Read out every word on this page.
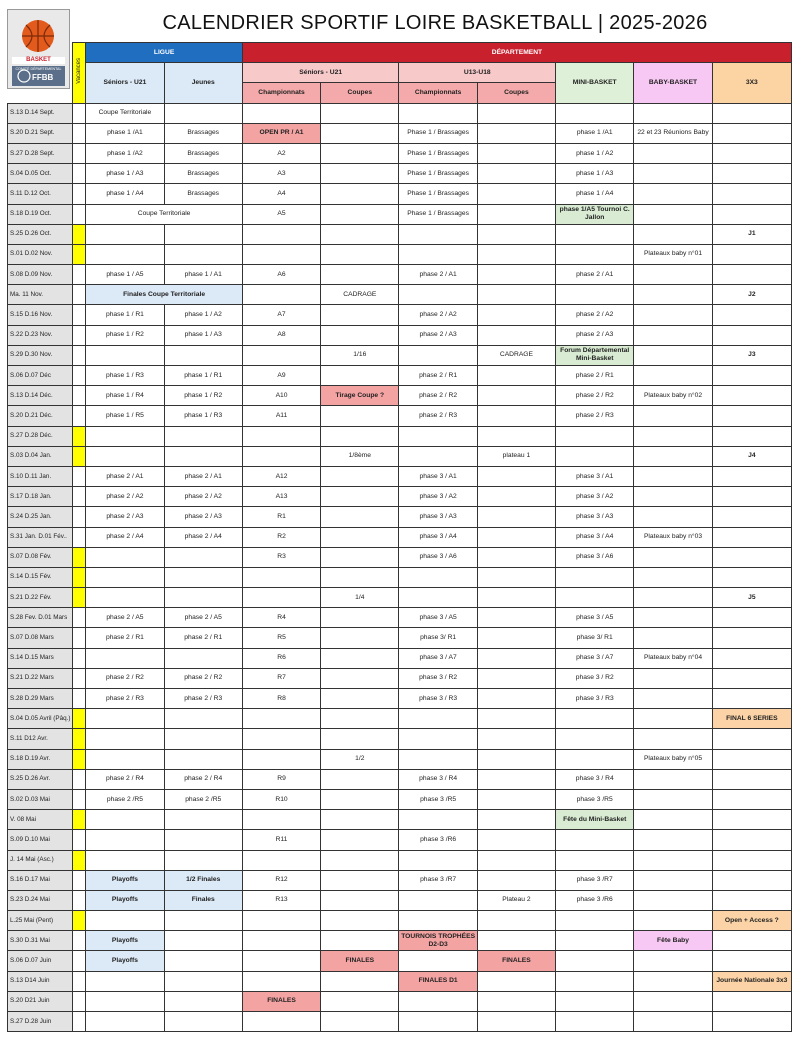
BASKET
COMITÉ DÉPARTEMENTAL
FFBB
CALENDRIER SPORTIF LOIRE BASKETBALL | 2025-2026
	Vacances	LIGUE		DÉPARTEMENT						
		Séniors - U21	Jeunes	Séniors - U21		U13-U18		MINI-BASKET	BABY-BASKET	3X3
				Championnats	Coupes	Championnats	Coupes			
S.13 D.14 Sept.		Coupe Territoriale								
S.20 D.21 Sept.		phase 1 /A1	Brassages	OPEN PR / A1		Phase 1 / Brassages		phase 1 /A1	22 et 23 Réunions Baby	
S.27 D.28 Sept.		phase 1 /A2	Brassages	A2		Phase 1 / Brassages		phase 1 / A2		
S.04 D.05 Oct.		phase 1 / A3	Brassages	A3		Phase 1 / Brassages		phase 1 / A3		
S.11 D.12 Oct.		phase 1 / A4	Brassages	A4		Phase 1 / Brassages		phase 1 / A4		
S.18 D.19 Oct.		Coupe Territoriale		A5		Phase 1 / Brassages		phase 1/A5 Tournoi C. Jallon		
S.25 D.26 Oct.										J1
S.01 D.02 Nov.									Plateaux baby n°01	
S.08 D.09 Nov.		phase 1 / A5	phase 1 / A1	A6		phase 2 / A1		phase 2 / A1		
Ma. 11 Nov.		Finales Coupe Territoriale			CADRAGE					J2
S.15 D.16 Nov.		phase 1 / R1	phase 1 / A2	A7		phase 2 / A2		phase 2 / A2		
S.22 D.23 Nov.		phase 1 / R2	phase 1 / A3	A8		phase 2 / A3		phase 2 / A3		
S.29 D.30 Nov.					1/16		CADRAGE	Forum Départemental Mini-Basket		J3
S.06 D.07 Déc		phase 1 / R3	phase 1 / R1	A9		phase 2 / R1		phase 2 / R1		
S.13 D.14 Déc.		phase 1 / R4	phase 1 / R2	A10	Tirage Coupe ?	phase 2 / R2		phase 2 / R2	Plateaux baby n°02	
S.20 D.21 Déc.		phase 1 / R5	phase 1 / R3	A11		phase 2 / R3		phase 2 / R3		
S.27 D.28 Déc.										
S.03 D.04 Jan.					1/8ème		plateau 1			J4
S.10 D.11 Jan.		phase 2 / A1	phase 2 / A1	A12		phase 3 / A1		phase 3 / A1		
S.17 D.18 Jan.		phase 2 / A2	phase 2 / A2	A13		phase 3 / A2		phase 3 / A2		
S.24 D.25 Jan.		phase 2 / A3	phase 2 / A3	R1		phase 3 / A3		phase 3 / A3		
S.31 Jan. D.01 Fév..		phase 2 / A4	phase 2 / A4	R2		phase 3 / A4		phase 3 / A4	Plateaux baby n°03	
S.07 D.08 Fév.				R3		phase 3 / A6		phase 3 / A6		
S.14 D.15 Fév.										
S.21 D.22 Fév.					1/4					J5
S.28 Fev. D.01 Mars		phase 2 / A5	phase 2 / A5	R4		phase 3 / A5		phase 3 / A5		
S.07 D.08 Mars		phase 2 / R1	phase 2 / R1	R5		phase 3/ R1		phase 3/ R1		
S.14 D.15 Mars				R6		phase 3 / A7		phase 3 / A7	Plateaux baby n°04	
S.21 D.22 Mars		phase 2 / R2	phase 2 / R2	R7		phase 3 / R2		phase 3 / R2		
S.28 D.29 Mars		phase 2 / R3	phase 2 / R3	R8		phase 3 / R3		phase 3 / R3		
S.04 D.05 Avril (Pâq.)										FINAL 6 SERIES
S.11 D12 Avr.										
S.18 D.19 Avr.					1/2				Plateaux baby n°05	
S.25 D.26 Avr.		phase 2 / R4	phase 2 / R4	R9		phase 3 / R4		phase 3 / R4		
S.02 D.03 Mai		phase 2 /R5	phase 2 /R5	R10		phase 3 /R5		phase 3 /R5		
V. 08 Mai								Fête du Mini-Basket		
S.09 D.10 Mai				R11		phase 3 /R6				
J. 14 Mai (Asc.)										
S.16 D.17 Mai		Playoffs	1/2 Finales	R12		phase 3 /R7		phase 3 /R7		
S.23 D.24 Mai		Playoffs	Finales	R13			Plateau 2	phase 3 /R6		
L.25 Mai (Pent)										Open + Access ?
S.30 D.31 Mai		Playoffs				TOURNOIS TROPHÉES D2-D3			Fête Baby	
S.06 D.07 Juin		Playoffs			FINALES		FINALES			
S.13 D14 Juin						FINALES D1				Journée Nationale 3x3
S.20 D21 Juin				FINALES						
S.27 D.28 Juin										
